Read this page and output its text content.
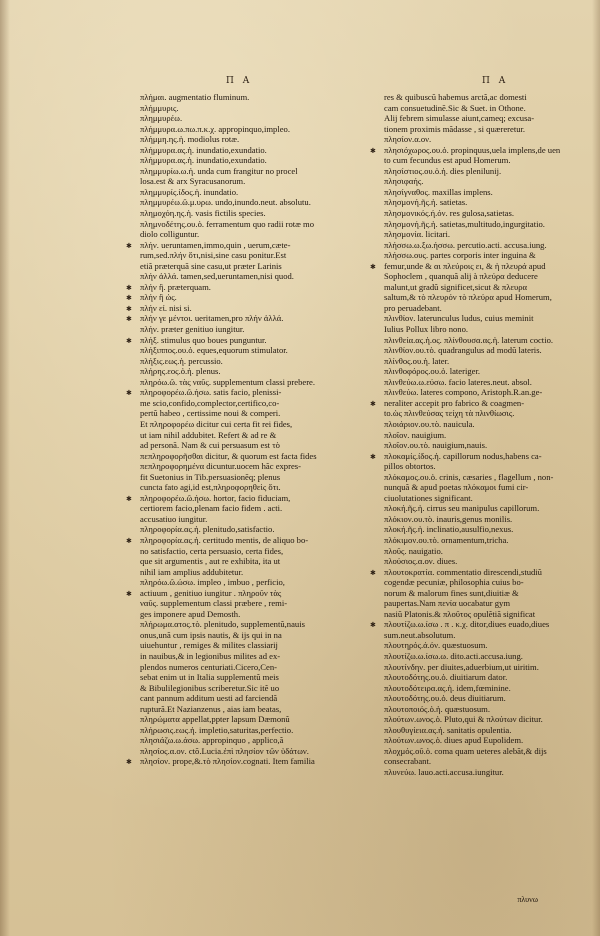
Π Α	Π Α
πλήμαι. augmentatio fluminum.
πλήμμυρις.
πλημμυρέω.
πλήμμυρα.ω.πω.π.κ.χ. appropinquo,impleo.
πλήμμη.ης.ἡ. modiolus rotæ.
πλήμμυρα.ας.ἡ. inundatio,exundatio.
πλήμμυρα.ας.ἡ. inundatio,exundatio.
πλημμυρίω.ω.ἡ. unda cum frangitur no procel
losa.est & arx Syracusanorum.
πλημμυρίς.ίδος.ἡ. inundatio.
πλημμυρέω.ῶ.μ.υρω. undo,inundo.neut. absolutu.
πλημοχόη.ης.ἡ. vasis fictilis species.
πλημνοδέτης.ου.ὁ. ferramentum quo radii rotæ mo
diolo colliguntur.
✱ πλήν. ueruntamen,immo,quin , uerum,cæte-
rum,sed.πλήν ὅτι,nisi,sine casu ponitur.Est
etiã præterquã sine casu,ut præter Larinis
πλήν ἀλλά. tamen,sed,ueruntamen,nisi quod.
✱ πλήν ἢ. præterquam.
✱ πλήν ἢ ὡς.
✱ πλήν εἰ. nisi si.
✱ πλήν γε μέντοι. ueritamen,pro πλήν ἀλλά.
πλήν. præter genitiuo iungitur.
✱ πλήξ. stimulus quo boues punguntur.
πλήξιππος.ου.ὁ. eques,equorum stimulator.
πλήξις.εως.ἡ. percussio.
πλήρης.εος.ὁ.ἡ. plenus.
πληρόω.ῶ. τὰς ναῦς. supplementum classi prebere.
✱ πληροφορέω.ῶ.ήσω. satis facio, plenissi-
me scio,confido,complector,certifico,co-
pertũ habeo , certissime noui & comperi.
Et πληροφορέω dicitur cui certa fit rei fides,
ut iam nihil addubitet. Refert & ad re &
ad personã. Nam & cui persuasum est τὸ
πεπληροφορῆσθαι dicitur, & quorum est facta fides
πεπληροφορημένα dicuntur.uocem hãc expres-
fit Suetonius in Tib.persuasionẽq; plenus
cuncta fato agi,id est,πληροφορηθεὶς ὅτι.
✱ πληροφορέω.ῶ.ήσω. hortor, facio fiduciam,
certiorem facio,plenam facio fidem . acti.
accusatiuo iungitur.
πληροφορία.ας.ἡ. plenitudo,satisfactio.
✱ πληροφορία.ας.ἡ. certitudo mentis, de aliquo bo-
no satisfactio, certa persuasio, certa fides,
que sit argumentis , aut re exhibita, ita ut
nihil iam amplius addubitetur.
πληρόω.ῶ.ώσω. impleo , imbuo , perficio,
✱ actiuum , genitiuo iungitur . πληροῦν τὰς
ναῦς. supplementum classi præbere , remi-
ges imponere apud Demosth.
πλήρωμα.ατος.τὸ. plenitudo, supplementũ,nauis
onus,unã cum ipsis nautis, & ijs qui in na
uiuehuntur , remiges & milites classiarij
in nauibus,& in legionibus milites ad ex-
plendos numeros centuriati.Cicero,Cen-
sebat enim ut in Italia supplementũ meis
& Bibulilegionibus scriberetur.Sic itẽ uo
cant pannum additum uesti ad farciendã
rupturã.Et Nazianzenus , aias iam beatas,
πληρώματα appellat,ppter lapsum Dæmonũ
πλήρωσις.εως.ἡ. impletio,saturitas,perfectio.
πλησιάζω.ω.άσω. appropinquo , applico,ã
πλησίος.α.ον. ctõ.Lucia.ἐπὶ πλησίον τῶν ὑδάτων.
✱ πλησίον. prope,&.τὸ πλησίον.cognati. Item familia
res & quibuscũ habemus arctã,ac domesti
cam consuetudinẽ.Sic & Suet. in Othone.
Alij febrem simulasse aiunt,cameq; excusa-
tionem proximis mãdasse , si quæreretur.
πλησίον.α.ον.
✱ πλησιόχωρος.ου.ὁ. propinquus,uela implens,de uen
to cum fecundus est apud Homerum.
πλησίστιος.ου.ὁ.ἡ. dies plenilunij.
πλησιφαής.
πλησίγναθος. maxillas implens.
πλησμονή.ῆς.ἡ. satietas.
πλησμονικός.ή.όν. res gulosa,satietas.
πλησμονή.ῆς.ἡ. satietas,multitudo,ingurgitatio.
πλησμονία. licitari.
πλήσσω.ω.ξω.ήσσω. percutio.acti. accusa.iung.
πλήσσω.ους. partes corporis inter inguina &
✱ femur,unde & αι πλεύροις ει, & ἡ πλευρά apud
Sophoclem , quanquã alij à πλεύρα deducere
malunt,ut gradũ significet,sicut & πλευρα
saltum,& τὸ πλευρόν τὸ πλεύρα apud Homerum,
pro peruadebant.
πλινθίον. laterunculus ludus, cuius meminit
Iulius Pollux libro nono.
πλινθεία.ας.ἡ.ος. πλίνθουσα.ας.ἡ. laterum coctio.
πλινθίον.ου.τὸ. quadrangulus ad modũ lateris.
πλίνθος.ου.ἡ. later.
πλινθοφόρος.ου.ὁ. lateriger.
πλινθεύω.ω.εύσω. facio lateres.neut. absol.
πλινθεύω. lateres compono, Aristoph.R.an.ge-
✱ neraliter accepit pro fabrico & coagmen-
to.ὡς πλινθεύσας τείχη τὰ πλινθίωσις.
πλοιάριον.ου.τὸ. nauicula.
πλοῖον. nauigium.
πλοῖον.ου.τὸ. nauigium,nauis.
✱ πλοκαμίς.ίδος.ἡ. capillorum nodus,habens ca-
pillos obtortos.
πλόκαμος.ου.ὁ. crinis, cæsaries , flagellum , non-
nunquã & apud poetas πλόκαμοι fumi cir-
ciuolutationes significant.
πλοκή.ῆς.ἡ. cirrus seu manipulus capillorum.
πλόκιον.ου.τὸ. inauris,genus monilis.
πλοκή.ῆς.ἡ. inclinatio,ausulfio,nexus.
πλόκιμον.ου.τὸ. ornamentum,tricha.
πλοῦς. nauigatio.
πλούσιος.α.ον. diues.
✱ πλουτοκρατία. commentatio direscendi,studiũ
cogendæ pecuniæ, philosophia cuius bo-
norum & malorum fines sunt,diuitiæ &
paupertas.Nam πενία uocabatur gym
nasiũ Platonis.& πλοῦτος opulẽtiã significat
✱ πλουτίζω.ω.ίσω . π . κ.χ. ditor,diues euado,diues
sum.neut.absolutum.
πλουτηρός.ά.όν. quæstuosum.
πλουτίζω.ω.ίσω.ω. dito.acti.accusa.iung.
πλουτίνδην. per diuites,aduerbium,ut uiritim.
πλουτοδότης.ου.ὁ. diuitiarum dator.
πλουτοδότειρα.ας.ἡ. idem,fœminine.
πλουτοδότης.ου.ὁ. deus diuitiarum.
πλουτοποιός.ὁ.ἡ. quæstuosum.
πλούτων.ωνος.ὁ. Pluto,qui & πλούτων dicitur.
πλουθυγίεια.ας.ἡ. sanitatis opulentia.
πλούτων.ωνος.ὁ. diues apud Eupolidem.
πλοχμός.οῦ.ὁ. coma quam ueteres alebãt,& dijs
consecrabant.
πλυνεύω. lauo.acti.accusa.iungitur.
πλυνω
